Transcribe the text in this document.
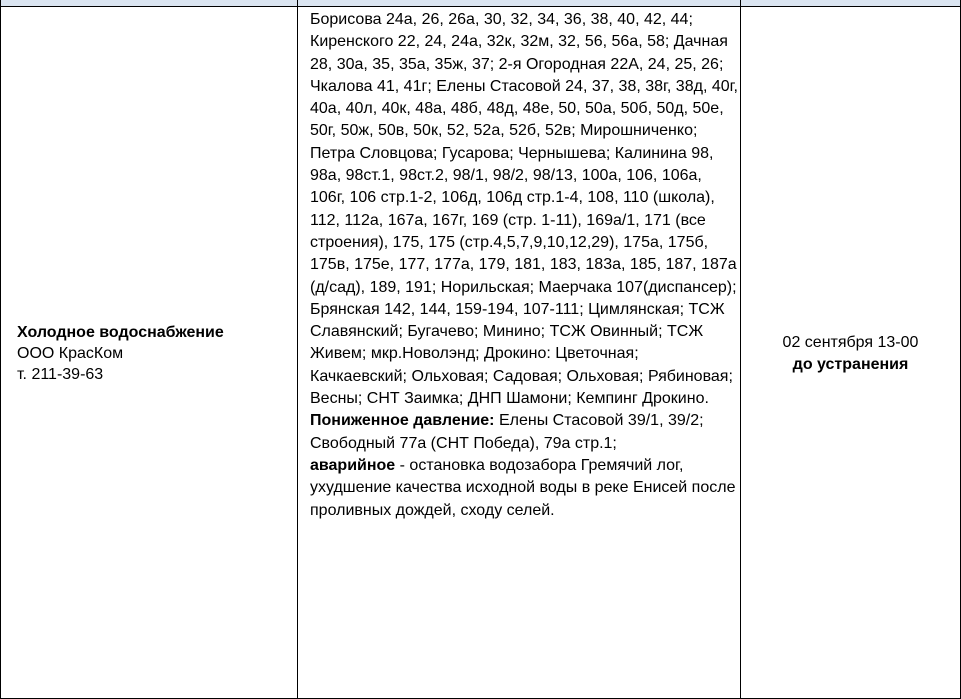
Холодное водоснабжение
ООО КрасКом
т. 211-39-63

Борисова 24а, 26, 26а, 30, 32, 34, 36, 38, 40, 42, 44; Киренского 22, 24, 24а, 32к, 32м, 32, 56, 56а, 58; Дачная 28, 30а, 35, 35а, 35ж, 37; 2-я Огородная 22А, 24, 25, 26; Чкалова 41, 41г; Елены Стасовой 24, 37, 38, 38г, 38д, 40г, 40а, 40л, 40к, 48а, 48б, 48д, 48е, 50, 50а, 50б, 50д, 50е, 50г, 50ж, 50в, 50к, 52, 52а, 52б, 52в; Мирошниченко; Петра Словцова; Гусарова; Чернышева; Калинина 98, 98а, 98ст.1, 98ст.2, 98/1, 98/2, 98/13, 100а, 106, 106а, 106г, 106 стр.1-2, 106д, 106д стр.1-4, 108, 110 (школа), 112, 112а, 167а, 167г, 169 (стр. 1-11), 169а/1, 171 (все строения), 175, 175 (стр.4,5,7,9,10,12,29), 175а, 175б, 175в, 175е, 177, 177а, 179, 181, 183, 183а, 185, 187, 187а (д/сад), 189, 191; Норильская; Маерчака 107(диспансер); Брянская 142, 144, 159-194, 107-111; Цимлянская; ТСЖ Славянский; Бугачево; Минино; ТСЖ Овинный; ТСЖ Живем; мкр.Новолэнд; Дрокино: Цветочная; Качкаевский; Ольховая; Садовая; Ольховая; Рябиновая; Весны; СНТ Заимка; ДНП Шамони; Кемпинг Дрокино.

Пониженное давление: Елены Стасовой 39/1, 39/2; Свободный 77а (СНТ Победа), 79а стр.1;

аварийное - остановка водозабора Гремячий лог, ухудшение качества исходной воды в реке Енисей после проливных дождей, сходу селей.

02 сентября 13-00
до устранения
